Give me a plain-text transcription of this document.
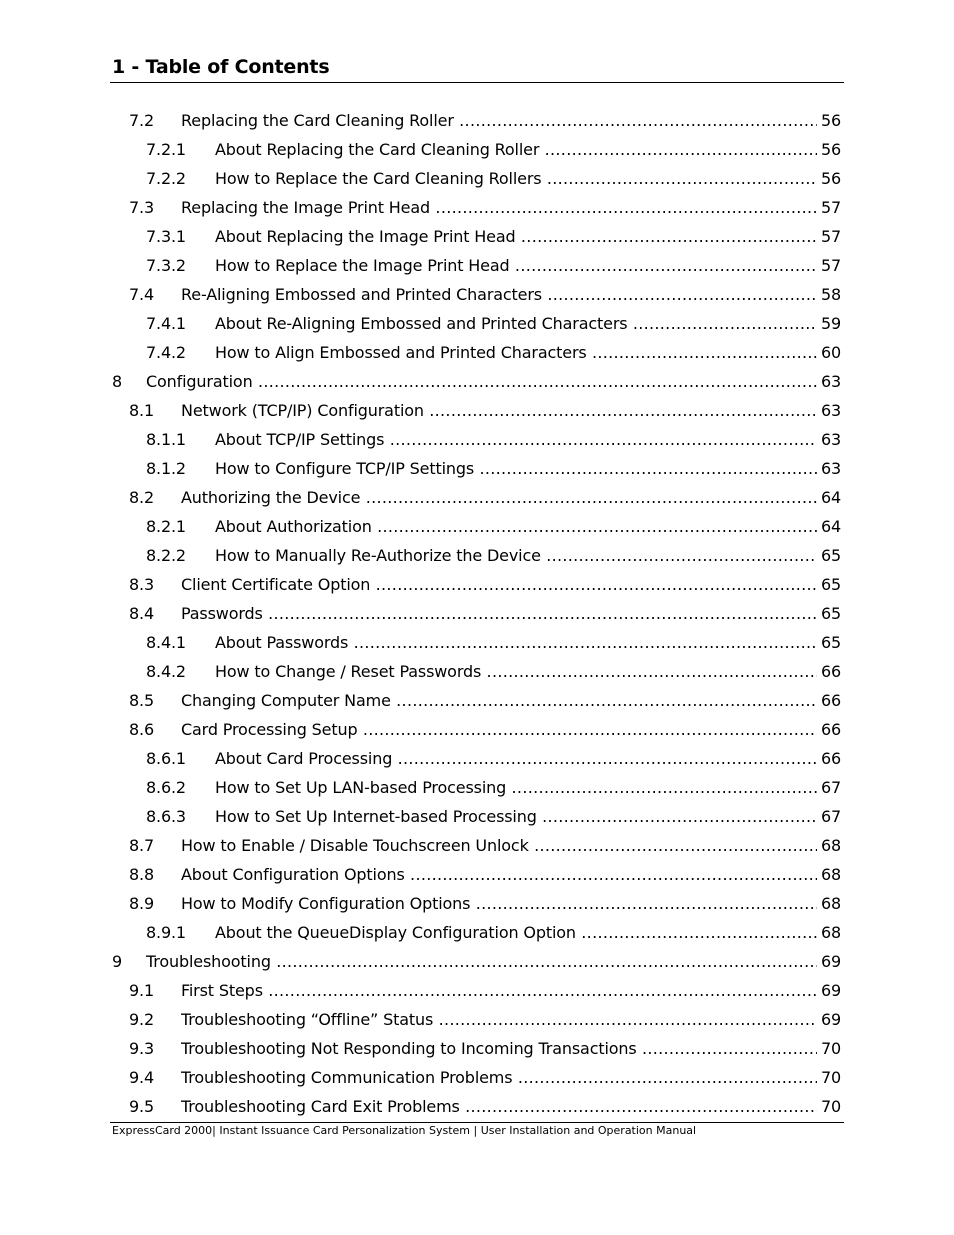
1 - Table of Contents
7.2 Replacing the Card Cleaning Roller .....	56
7.2.1 About Replacing the Card Cleaning Roller .....	56
7.2.2 How to Replace the Card Cleaning Rollers .....	56
7.3 Replacing the Image Print Head .....	57
7.3.1 About Replacing the Image Print Head .....	57
7.3.2 How to Replace the Image Print Head .....	57
7.4 Re-Aligning Embossed and Printed Characters .....	58
7.4.1 About Re-Aligning Embossed and Printed Characters .....	59
7.4.2 How to Align Embossed and Printed Characters .....	60
8 Configuration .....	63
8.1 Network (TCP/IP) Configuration .....	63
8.1.1 About TCP/IP Settings .....	63
8.1.2 How to Configure TCP/IP Settings .....	63
8.2 Authorizing the Device .....	64
8.2.1 About Authorization .....	64
8.2.2 How to Manually Re-Authorize the Device .....	65
8.3 Client Certificate Option .....	65
8.4 Passwords .....	65
8.4.1 About Passwords .....	65
8.4.2 How to Change / Reset Passwords .....	66
8.5 Changing Computer Name .....	66
8.6 Card Processing Setup .....	66
8.6.1 About Card Processing .....	66
8.6.2 How to Set Up LAN-based Processing .....	67
8.6.3 How to Set Up Internet-based Processing .....	67
8.7 How to Enable / Disable Touchscreen Unlock .....	68
8.8 About Configuration Options .....	68
8.9 How to Modify Configuration Options .....	68
8.9.1 About the QueueDisplay Configuration Option .....	68
9 Troubleshooting .....	69
9.1 First Steps .....	69
9.2 Troubleshooting “Offline” Status .....	69
9.3 Troubleshooting Not Responding to Incoming Transactions .....	70
9.4 Troubleshooting Communication Problems .....	70
9.5 Troubleshooting Card Exit Problems .....	70
ExpressCard 2000| Instant Issuance Card Personalization System | User Installation and Operation Manual
